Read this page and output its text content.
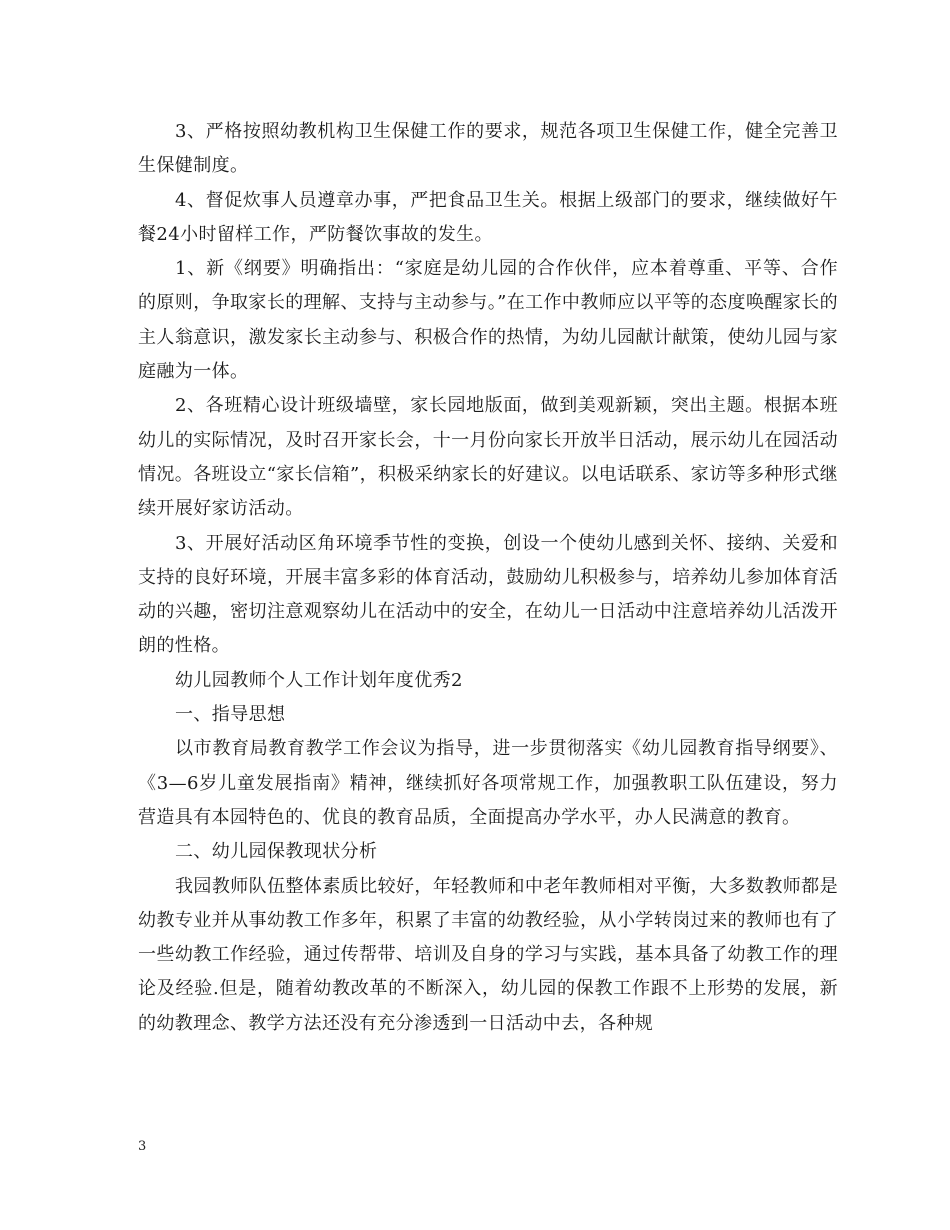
3、严格按照幼教机构卫生保健工作的要求，规范各项卫生保健工作，健全完善卫生保健制度。

4、督促炊事人员遵章办事，严把食品卫生关。根据上级部门的要求，继续做好午餐24小时留样工作，严防餐饮事故的发生。

1、新《纲要》明确指出：“家庭是幼儿园的合作伙伴，应本着尊重、平等、合作的原则，争取家长的理解、支持与主动参与。”在工作中教师应以平等的态度唤醒家长的主人翁意识，激发家长主动参与、积极合作的热情，为幼儿园献计献策，使幼儿园与家庭融为一体。

2、各班精心设计班级墙壁，家长园地版面，做到美观新颖，突出主题。根据本班幼儿的实际情况，及时召开家长会，十一月份向家长开放半日活动，展示幼儿在园活动情况。各班设立“家长信箱”，积极采纳家长的好建议。以电话联系、家访等多种形式继续开展好家访活动。

3、开展好活动区角环境季节性的变换，创设一个使幼儿感到关怀、接纳、关爱和支持的良好环境，开展丰富多彩的体育活动，鼓励幼儿积极参与，培养幼儿参加体育活动的兴趣，密切注意观察幼儿在活动中的安全，在幼儿一日活动中注意培养幼儿活泼开朗的性格。

幼儿园教师个人工作计划年度优秀2

一、指导思想

以市教育局教育教学工作会议为指导，进一步贯彻落实《幼儿园教育指导纲要》、《3—6岁儿童发展指南》精神，继续抓好各项常规工作，加强教职工队伍建设，努力营造具有本园特色的、优良的教育品质，全面提高办学水平，办人民满意的教育。

二、幼儿园保教现状分析

我园教师队伍整体素质比较好，年轻教师和中老年教师相对平衡，大多数教师都是幼教专业并从事幼教工作多年，积累了丰富的幼教经验，从小学转岗过来的教师也有了一些幼教工作经验，通过传帮带、培训及自身的学习与实践，基本具备了幼教工作的理论及经验.但是，随着幼教改革的不断深入，幼儿园的保教工作跟不上形势的发展，新的幼教理念、教学方法还没有充分渗透到一日活动中去，各种规

3
